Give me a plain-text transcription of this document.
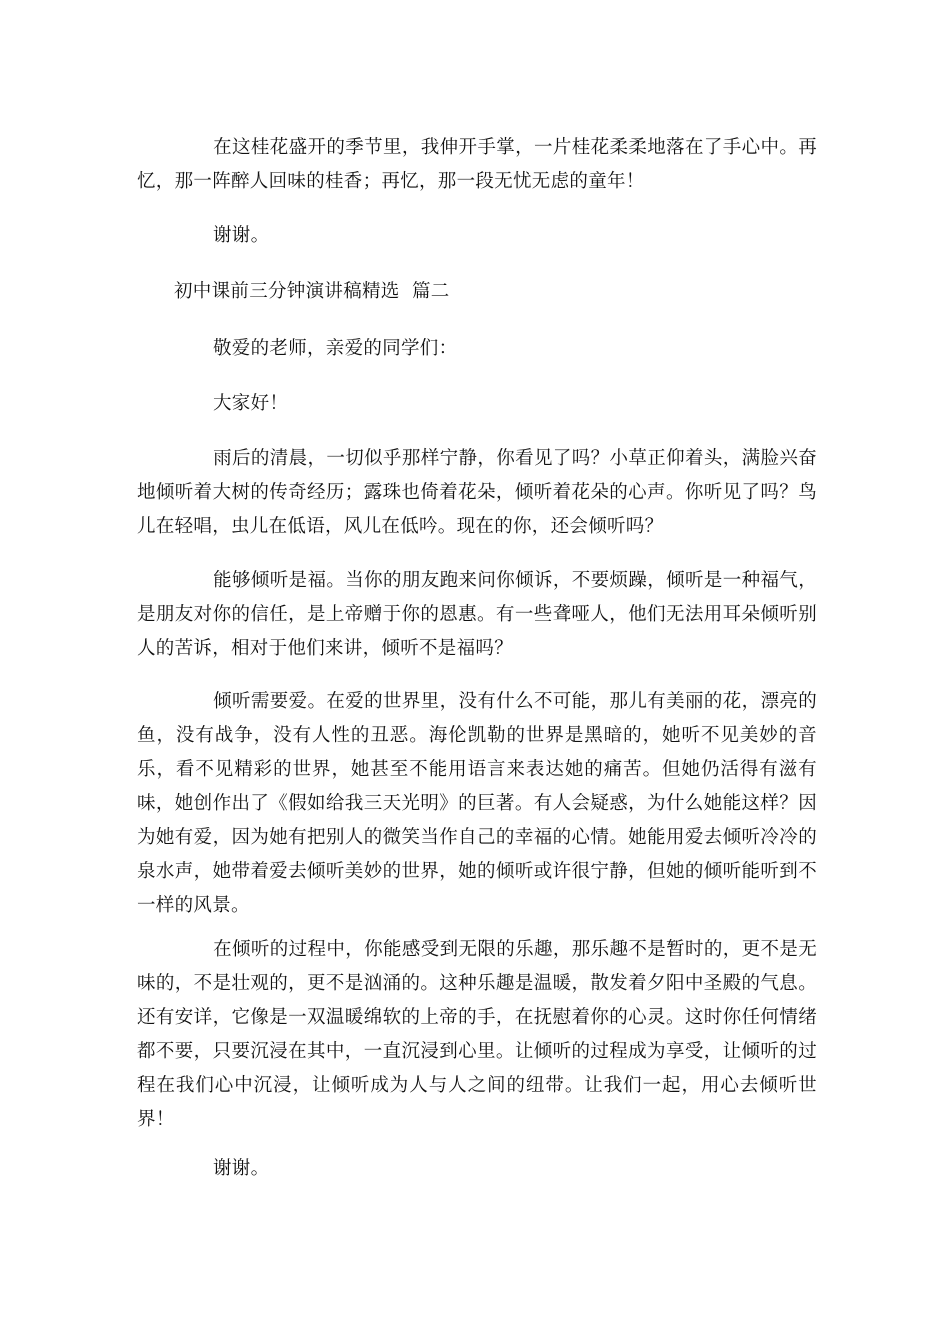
在这桂花盛开的季节里，我伸开手掌，一片桂花柔柔地落在了手心中。再忆，那一阵醉人回味的桂香；再忆，那一段无忧无虑的童年！

谢谢。

初中课前三分钟演讲稿精选  篇二

敬爱的老师，亲爱的同学们：

大家好！

雨后的清晨，一切似乎那样宁静，你看见了吗？小草正仰着头，满脸兴奋地倾听着大树的传奇经历；露珠也倚着花朵，倾听着花朵的心声。你听见了吗？鸟儿在轻唱，虫儿在低语，风儿在低吟。现在的你，还会倾听吗？

能够倾听是福。当你的朋友跑来问你倾诉，不要烦躁，倾听是一种福气，是朋友对你的信任，是上帝赠于你的恩惠。有一些聋哑人，他们无法用耳朵倾听别人的苦诉，相对于他们来讲，倾听不是福吗？

倾听需要爱。在爱的世界里，没有什么不可能，那儿有美丽的花，漂亮的鱼，没有战争，没有人性的丑恶。海伦凯勒的世界是黑暗的，她听不见美妙的音乐，看不见精彩的世界，她甚至不能用语言来表达她的痛苦。但她仍活得有滋有味，她创作出了《假如给我三天光明》的巨著。有人会疑惑，为什么她能这样？因为她有爱，因为她有把别人的微笑当作自己的幸福的心情。她能用爱去倾听冷冷的泉水声，她带着爱去倾听美妙的世界，她的倾听或许很宁静，但她的倾听能听到不一样的风景。

在倾听的过程中，你能感受到无限的乐趣，那乐趣不是暂时的，更不是无味的，不是壮观的，更不是汹涌的。这种乐趣是温暖，散发着夕阳中圣殿的气息。还有安详，它像是一双温暖绵软的上帝的手，在抚慰着你的心灵。这时你任何情绪都不要，只要沉浸在其中，一直沉浸到心里。让倾听的过程成为享受，让倾听的过程在我们心中沉浸，让倾听成为人与人之间的纽带。让我们一起，用心去倾听世界！

谢谢。
